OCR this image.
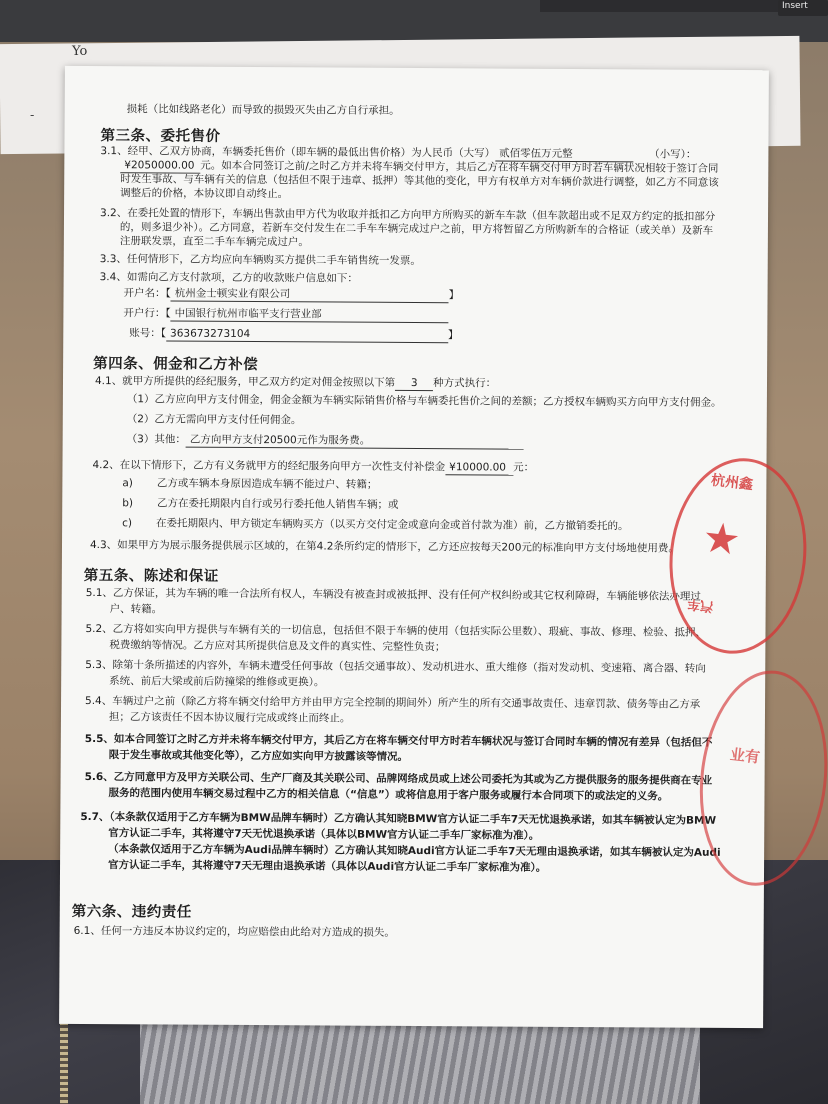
Insert
Yo
损耗（比如线路老化）而导致的损毁灭失由乙方自行承担。
第三条、委托售价
3.1、经甲、乙双方协商，车辆委托售价（即车辆的最低出售价格）为人民币（大写） 贰佰零伍万元整	（小写）：
¥2050000.00 元。如本合同签订之前/之时乙方并未将车辆交付甲方，其后乙方在将车辆交付甲方时若车辆状况相较于签订合同
时发生事故、与车辆有关的信息（包括但不限于违章、抵押）等其他的变化，甲方有权单方对车辆价款进行调整，如乙方不同意该
调整后的价格，本协议即自动终止。
3.2、在委托处置的情形下，车辆出售款由甲方代为收取并抵扣乙方向甲方所购买的新车车款（但车款超出或不足双方约定的抵扣部分
的，则多退少补）。乙方同意，若新车交付发生在二手车车辆完成过户之前，甲方将暂留乙方所购新车的合格证（或关单）及新车
注册联发票，直至二手车车辆完成过户。
3.3、任何情形下，乙方均应向车辆购买方提供二手车销售统一发票。
3.4、如需向乙方支付款项，乙方的收款账户信息如下：
开户名：【 杭州金士顿实业有限公司	】
开户行：【 中国银行杭州市临平支行营业部
账号：【 363673273104	】
第四条、佣金和乙方补偿
4.1、就甲方所提供的经纪服务，甲乙双方约定对佣金按照以下第 3 种方式执行：
（1）乙方应向甲方支付佣金，佣金金额为车辆实际销售价格与车辆委托售价之间的差额；乙方授权车辆购买方向甲方支付佣金。
（2）乙方无需向甲方支付任何佣金。
（3）其他： 乙方向甲方支付20500元作为服务费。
4.2、在以下情形下，乙方有义务就甲方的经纪服务向甲方一次性支付补偿金 ¥10000.00 元：
a) 乙方或车辆本身原因造成车辆不能过户、转籍；
b) 乙方在委托期限内自行或另行委托他人销售车辆；或
c) 在委托期限内、甲方锁定车辆购买方（以买方交付定金或意向金或首付款为准）前，乙方撤销委托的。
4.3、如果甲方为展示服务提供展示区域的，在第4.2条所约定的情形下，乙方还应按每天200元的标准向甲方支付场地使用费。
第五条、陈述和保证
5.1、乙方保证，其为车辆的唯一合法所有权人，车辆没有被查封或被抵押、没有任何产权纠纷或其它权利障碍，车辆能够依法办理过
户、转籍。
5.2、乙方将如实向甲方提供与车辆有关的一切信息，包括但不限于车辆的使用（包括实际公里数）、瑕疵、事故、修理、检验、抵押、
税费缴纳等情况。乙方应对其所提供信息及文件的真实性、完整性负责；
5.3、除第十条所描述的内容外，车辆未遭受任何事故（包括交通事故）、发动机进水、重大维修（指对发动机、变速箱、离合器、转向
系统、前后大梁或前后防撞梁的维修或更换）。
5.4、车辆过户之前（除乙方将车辆交付给甲方并由甲方完全控制的期间外）所产生的所有交通事故责任、违章罚款、债务等由乙方承
担；乙方该责任不因本协议履行完成或终止而终止。
5.5、如本合同签订之时乙方并未将车辆交付甲方，其后乙方在将车辆交付甲方时若车辆状况与签订合同时车辆的情况有差异（包括但不
限于发生事故或其他变化等），乙方应如实向甲方披露该等情况。
5.6、乙方同意甲方及甲方关联公司、生产厂商及其关联公司、品牌网络成员或上述公司委托为其或为乙方提供服务的服务提供商在专业
服务的范围内使用车辆交易过程中乙方的相关信息（“信息”）或将信息用于客户服务或履行本合同项下的或法定的义务。
5.7、（本条款仅适用于乙方车辆为BMW品牌车辆时）乙方确认其知晓BMW官方认证二手车7天无忧退换承诺，如其车辆被认定为BMW
官方认证二手车，其将遵守7天无忧退换承诺（具体以BMW官方认证二手车厂家标准为准）。
（本条款仅适用于乙方车辆为Audi品牌车辆时）乙方确认其知晓Audi官方认证二手车7天无理由退换承诺，如其车辆被认定为Audi
官方认证二手车，其将遵守7天无理由退换承诺（具体以Audi官方认证二手车厂家标准为准）。
第六条、违约责任
6.1、任何一方违反本协议约定的，均应赔偿由此给对方造成的损失。
杭州鑫
★
汽车
业有
-
